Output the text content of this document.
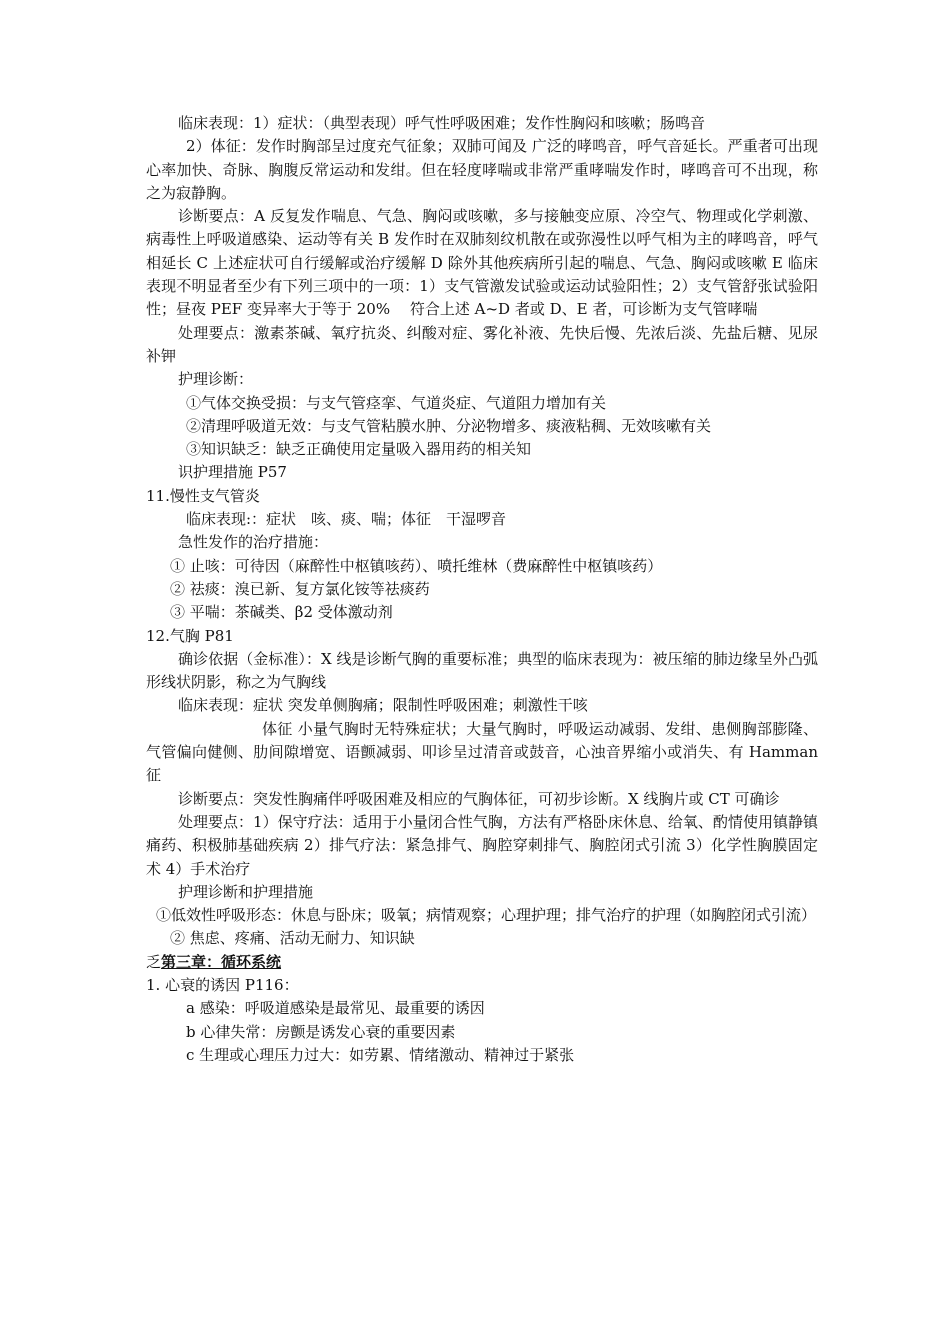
临床表现：1）症状：（典型表现）呼气性呼吸困难；发作性胸闷和咳嗽；肠鸣音

2）体征：发作时胸部呈过度充气征象；双肺可闻及 广泛的哮鸣音，呼气音延长。严重者可出现心率加快、奇脉、胸腹反常运动和发绀。但在轻度哮喘或非常严重哮喘发作时，哮鸣音可不出现，称之为寂静胸。

诊断要点：A 反复发作喘息、气急、胸闷或咳嗽，多与接触变应原、冷空气、物理或化学刺激、病毒性上呼吸道感染、运动等有关 B 发作时在双肺刻纹机散在或弥漫性以呼气相为主的哮鸣音，呼气相延长 C 上述症状可自行缓解或治疗缓解 D 除外其他疾病所引起的喘息、气急、胸闷或咳嗽 E 临床表现不明显者至少有下列三项中的一项：1）支气管激发试验或运动试验阳性；2）支气管舒张试验阳性；昼夜 PEF 变异率大于等于 20%　 符合上述 A~D 者或 D、E 者，可诊断为支气管哮喘

处理要点：激素茶碱、氧疗抗炎、纠酸对症、雾化补液、先快后慢、先浓后淡、先盐后糖、见尿补钾

护理诊断：

①气体交换受损：与支气管痉挛、气道炎症、气道阻力增加有关

②清理呼吸道无效：与支气管粘膜水肿、分泌物增多、痰液粘稠、无效咳嗽有关

③知识缺乏：缺乏正确使用定量吸入器用药的相关知

识护理措施 P57

11.慢性支气管炎

临床表现:：症状　咳、痰、喘；体征　干湿啰音

急性发作的治疗措施：

① 止咳：可待因（麻醉性中枢镇咳药）、喷托维林（费麻醉性中枢镇咳药）

② 祛痰：溴已新、复方氯化铵等祛痰药

③ 平喘：茶碱类、β2 受体激动剂

12.气胸 P81

确诊依据（金标准）：X 线是诊断气胸的重要标准；典型的临床表现为：被压缩的肺边缘呈外凸弧形线状阴影，称之为气胸线

临床表现：症状 突发单侧胸痛；限制性呼吸困难；刺激性干咳

体征 小量气胸时无特殊症状；大量气胸时，呼吸运动减弱、发绀、患侧胸部膨隆、气管偏向健侧、肋间隙增宽、语颤减弱、叩诊呈过清音或鼓音，心浊音界缩小或消失、有 Hamman 征

诊断要点：突发性胸痛伴呼吸困难及相应的气胸体征，可初步诊断。X 线胸片或 CT 可确诊

处理要点：1）保守疗法：适用于小量闭合性气胸，方法有严格卧床休息、给氧、酌情使用镇静镇痛药、积极肺基础疾病 2）排气疗法：紧急排气、胸腔穿刺排气、胸腔闭式引流 3）化学性胸膜固定术 4）手术治疗

护理诊断和护理措施

①低效性呼吸形态：休息与卧床；吸氧；病情观察；心理护理；排气治疗的护理（如胸腔闭式引流）

② 焦虑、疼痛、活动无耐力、知识缺

乏第三章：循环系统

1. 心衰的诱因 P116：

a 感染：呼吸道感染是最常见、最重要的诱因

b 心律失常：房颤是诱发心衰的重要因素

c 生理或心理压力过大：如劳累、情绪激动、精神过于紧张
